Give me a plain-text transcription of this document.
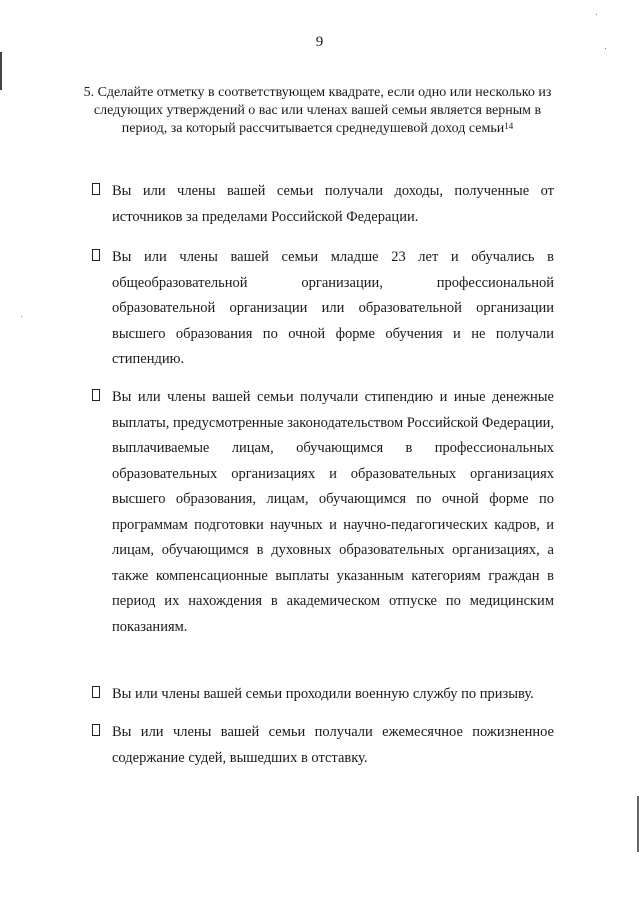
9
5. Сделайте отметку в соответствующем квадрате, если одно или несколько из следующих утверждений о вас или членах вашей семьи является верным в период, за который рассчитывается среднедушевой доход семьи$^{14}$
Вы или члены вашей семьи получали доходы, полученные от источников за пределами Российской Федерации.
Вы или члены вашей семьи младше 23 лет и обучались в общеобразовательной организации, профессиональной образовательной организации или образовательной организации высшего образования по очной форме обучения и не получали стипендию.
Вы или члены вашей семьи получали стипендию и иные денежные выплаты, предусмотренные законодательством Российской Федерации, выплачиваемые лицам, обучающимся в профессиональных образовательных организациях и образовательных организациях высшего образования, лицам, обучающимся по очной форме по программам подготовки научных и научно-педагогических кадров, и лицам, обучающимся в духовных образовательных организациях, а также компенсационные выплаты указанным категориям граждан в период их нахождения в академическом отпуске по медицинским показаниям.
Вы или члены вашей семьи проходили военную службу по призыву.
Вы или члены вашей семьи получали ежемесячное пожизненное содержание судей, вышедших в отставку.
